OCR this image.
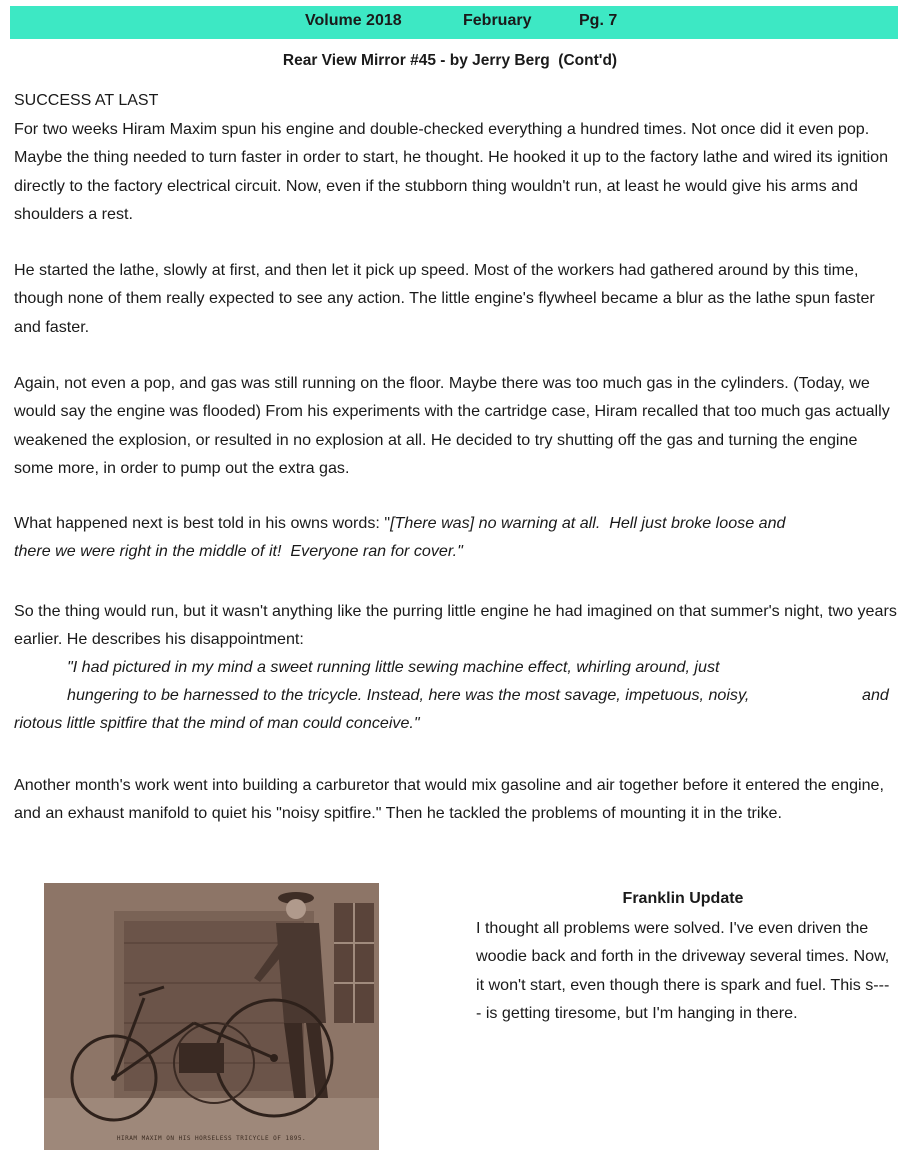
Volume 2018	February	Pg. 7
Rear View Mirror #45 - by Jerry Berg  (Cont'd)
SUCCESS AT LAST

For two weeks Hiram Maxim spun his engine and double-checked everything a hundred times. Not once did it even pop. Maybe the thing needed to turn faster in order to start, he thought. He hooked it up to the factory lathe and wired its ignition directly to the factory electrical circuit. Now, even if the stubborn thing wouldn't run, at least he would give his arms and shoulders a rest.

He started the lathe, slowly at first, and then let it pick up speed. Most of the workers had gathered around by this time, though none of them really expected to see any action. The little engine's flywheel became a blur as the lathe spun faster and faster.

Again, not even a pop, and gas was still running on the floor. Maybe there was too much gas in the cylinders. (Today, we would say the engine was flooded) From his experiments with the cartridge case, Hiram recalled that too much gas actually weakened the explosion, or resulted in no explosion at all. He decided to try shutting off the gas and turning the engine some more, in order to pump out the extra gas.

What happened next is best told in his owns words: "[There was] no warning at all.  Hell just broke loose and
there we were right in the middle of it!  Everyone ran for cover."

So the thing would run, but it wasn't anything like the purring little engine he had imagined on that summer's night, two years earlier. He describes his disappointment:

"I had pictured in my mind a sweet running little sewing machine effect, whirling around, just
hungering to be harnessed to the tricycle. Instead, here was the most savage, impetuous, noisy,	and
riotous little spitfire that the mind of man could conceive."

Another month's work went into building a carburetor that would mix gasoline and air together before it entered the engine, and an exhaust manifold to quiet his "noisy spitfire." Then he tackled the problems of mounting it in the trike.

HIRAM MAXIM ON HIS HORSELESS TRICYCLE OF 1895.
Franklin Update

I thought all problems were solved. I've even driven the woodie back and forth in the driveway several times. Now, it won't start, even though there is spark and fuel. This s---- is getting tiresome, but I'm hanging in there.
